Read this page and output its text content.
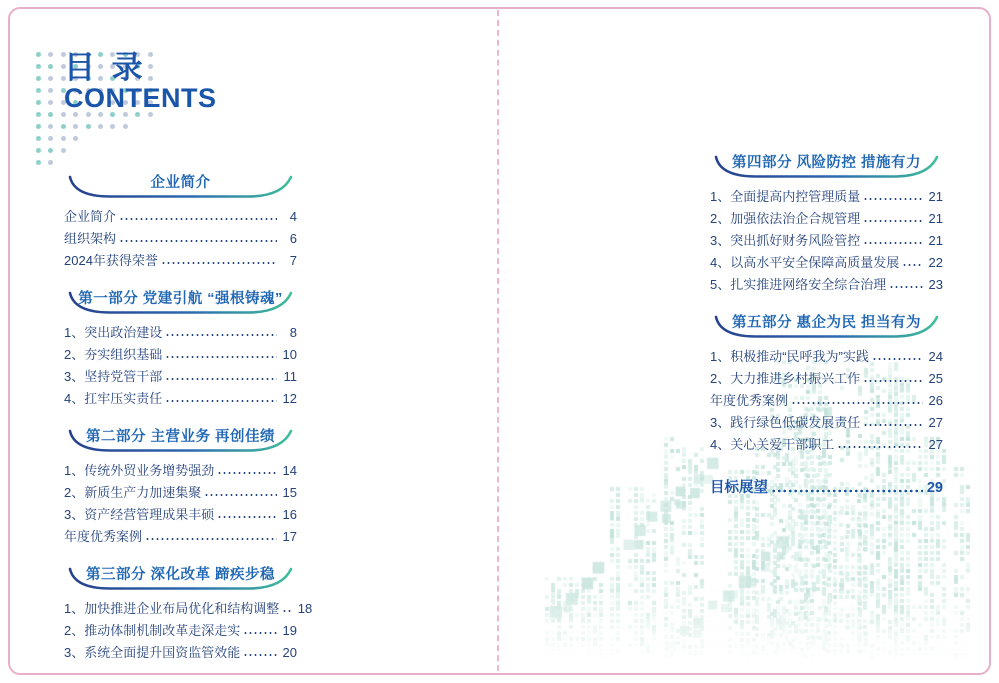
目 录
CONTENTS
企业简介
企业简介	4
组织架构	6
2024年获得荣誉	7
第一部分 党建引航 “强根铸魂”
1、突出政治建设	8
2、夯实组织基础	10
3、坚持党管干部	11
4、扛牢压实责任	12
第二部分 主营业务 再创佳绩
1、传统外贸业务增势强劲	14
2、新质生产力加速集聚	15
3、资产经营管理成果丰硕	16
年度优秀案例	17
第三部分 深化改革 蹄疾步稳
1、加快推进企业布局优化和结构调整 18
2、推动体制机制改革走深走实	19
3、系统全面提升国资监管效能	20
第四部分 风险防控 措施有力
1、全面提高内控管理质量	21
2、加强依法治企合规管理	21
3、突出抓好财务风险管控	21
4、以高水平安全保障高质量发展 22
5、扎实推进网络安全综合治理	23
第五部分 惠企为民 担当有为
1、积极推动“民呼我为”实践	24
2、大力推进乡村振兴工作	25
年度优秀案例	26
3、践行绿色低碳发展责任	27
4、关心关爱干部职工	27
目标展望	29
